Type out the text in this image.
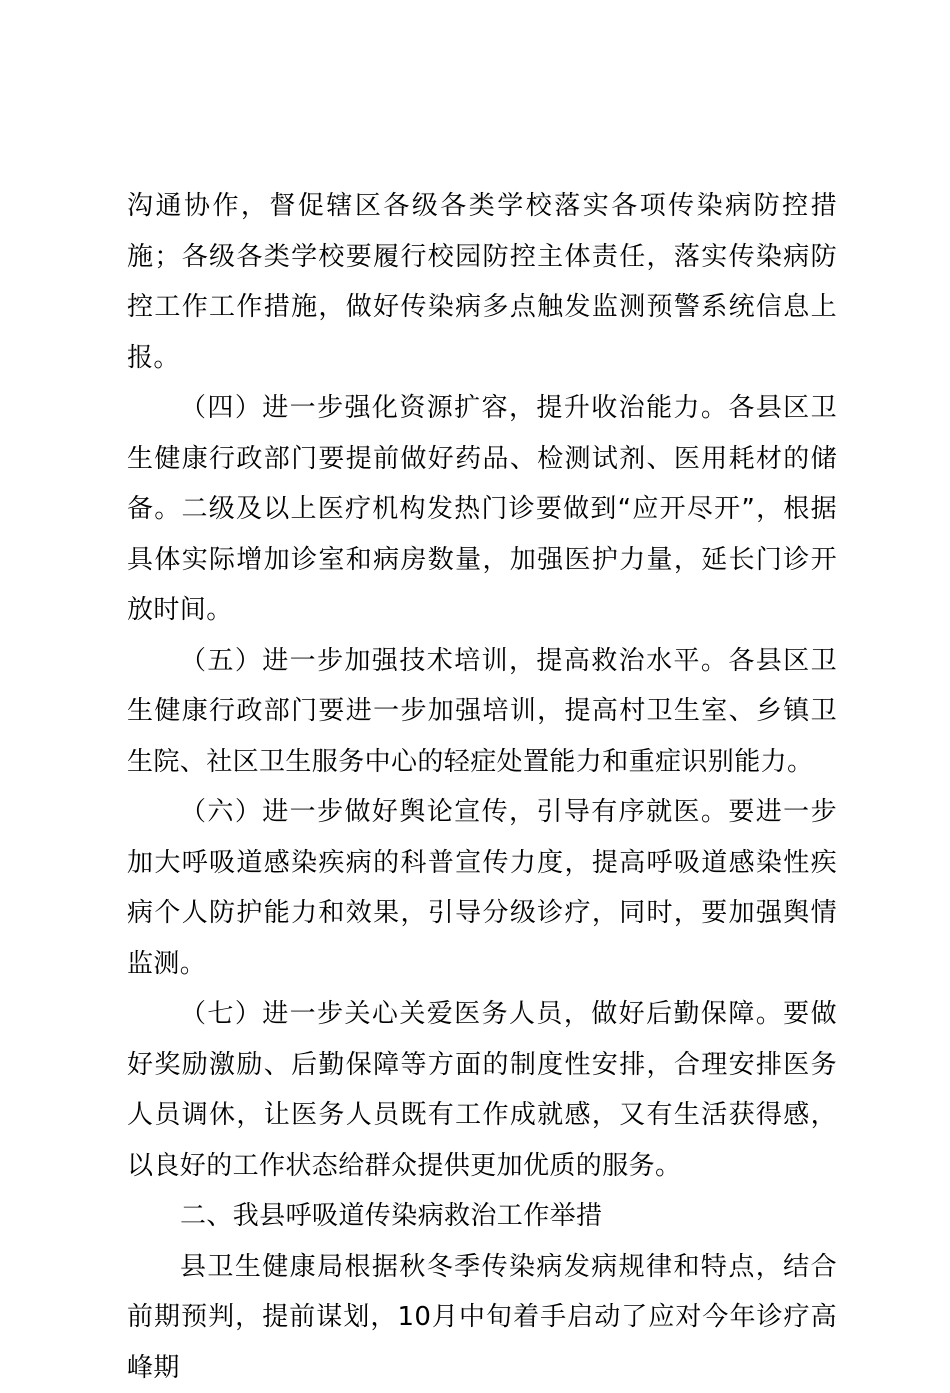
沟通协作，督促辖区各级各类学校落实各项传染病防控措施；各级各类学校要履行校园防控主体责任，落实传染病防控工作工作措施，做好传染病多点触发监测预警系统信息上报。

（四）进一步强化资源扩容，提升收治能力。各县区卫生健康行政部门要提前做好药品、检测试剂、医用耗材的储备。二级及以上医疗机构发热门诊要做到“应开尽开”，根据具体实际增加诊室和病房数量，加强医护力量，延长门诊开放时间。

（五）进一步加强技术培训，提高救治水平。各县区卫生健康行政部门要进一步加强培训，提高村卫生室、乡镇卫生院、社区卫生服务中心的轻症处置能力和重症识别能力。

（六）进一步做好舆论宣传，引导有序就医。要进一步加大呼吸道感染疾病的科普宣传力度，提高呼吸道感染性疾病个人防护能力和效果，引导分级诊疗，同时，要加强舆情监测。

（七）进一步关心关爱医务人员，做好后勤保障。要做好奖励激励、后勤保障等方面的制度性安排，合理安排医务人员调休，让医务人员既有工作成就感，又有生活获得感，以良好的工作状态给群众提供更加优质的服务。

二、我县呼吸道传染病救治工作举措

县卫生健康局根据秋冬季传染病发病规律和特点，结合前期预判，提前谋划，10月中旬着手启动了应对今年诊疗高峰期
